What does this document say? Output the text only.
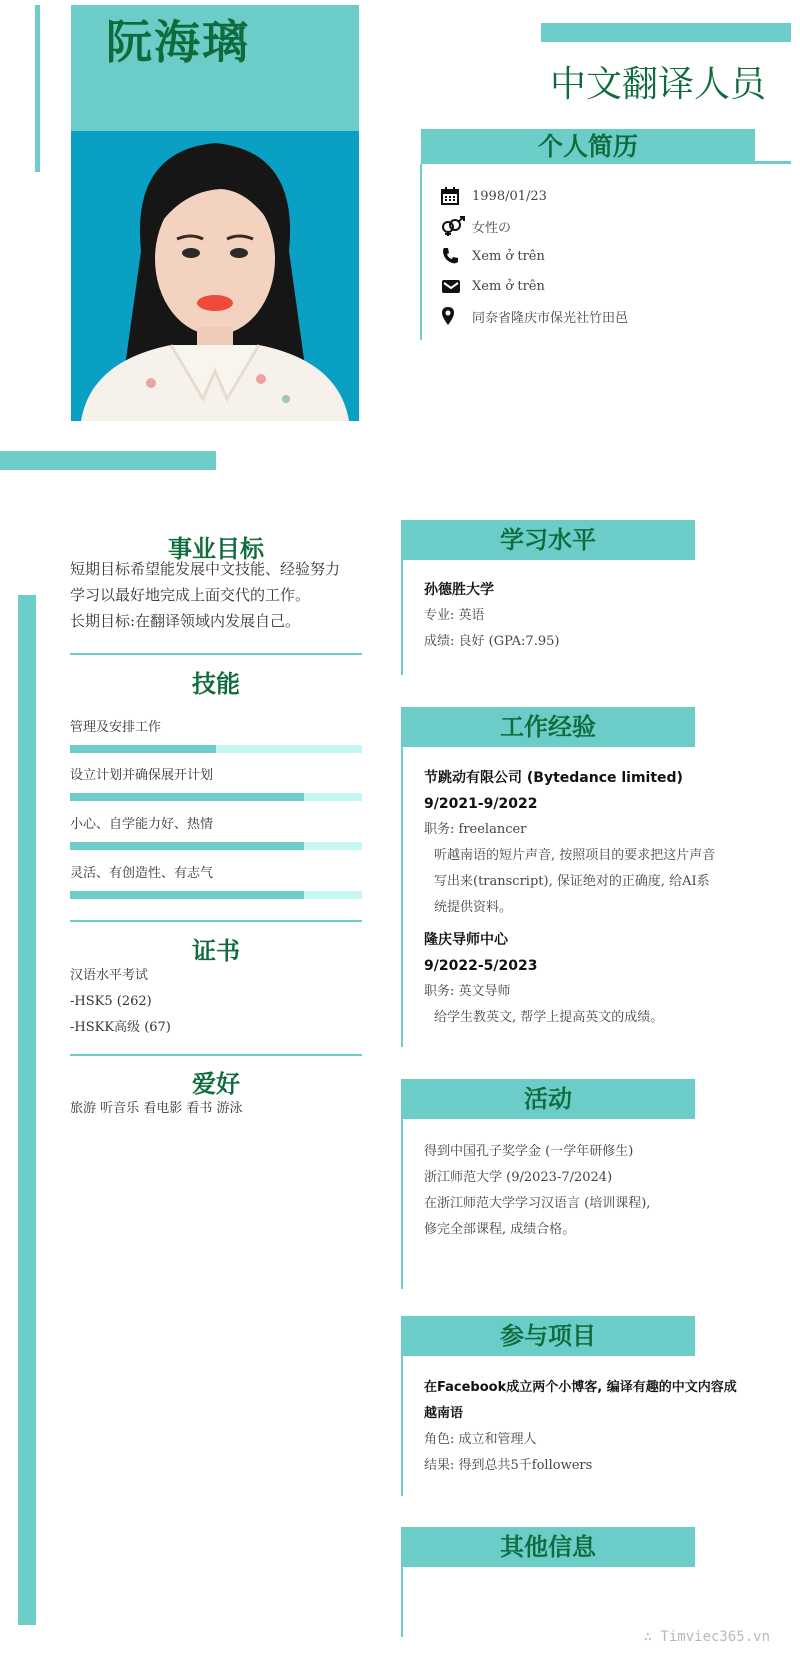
阮海璃
中文翻译人员
个人简历
1998/01/23
女性の
Xem ở trên
Xem ở trên
同奈省隆庆市保光社竹田邑
事业目标
短期目标希望能发展中文技能、经验努力
学习以最好地完成上面交代的工作。
长期目标:在翻译领域内发展自己。
技能
管理及安排工作
设立计划并确保展开计划
小心、自学能力好、热情
灵活、有创造性、有志气
证书
汉语水平考试
-HSK5 (262)
-HSKK高级 (67)
爱好
旅游 听音乐 看电影 看书 游泳
学习水平
孙德胜大学
专业: 英语
成绩: 良好 (GPA:7.95)
工作经验
节跳动有限公司 (Bytedance limited)
9/2021-9/2022
职务: freelancer
听越南语的短片声音, 按照项目的要求把这片声音
写出来(transcript), 保证绝对的正确度, 给AI系
统提供资料。
隆庆导师中心
9/2022-5/2023
职务: 英文导师
给学生教英文, 帮学上提高英文的成绩。
活动
得到中国孔子奖学金 (一学年研修生)
浙江师范大学 (9/2023-7/2024)
在浙江师范大学学习汉语言 (培训课程),
修完全部课程, 成绩合格。
参与项目
在Facebook成立两个小博客, 编译有趣的中文内容成
越南语
角色: 成立和管理人
结果: 得到总共5千followers
其他信息
∴ Timviec365.vn
